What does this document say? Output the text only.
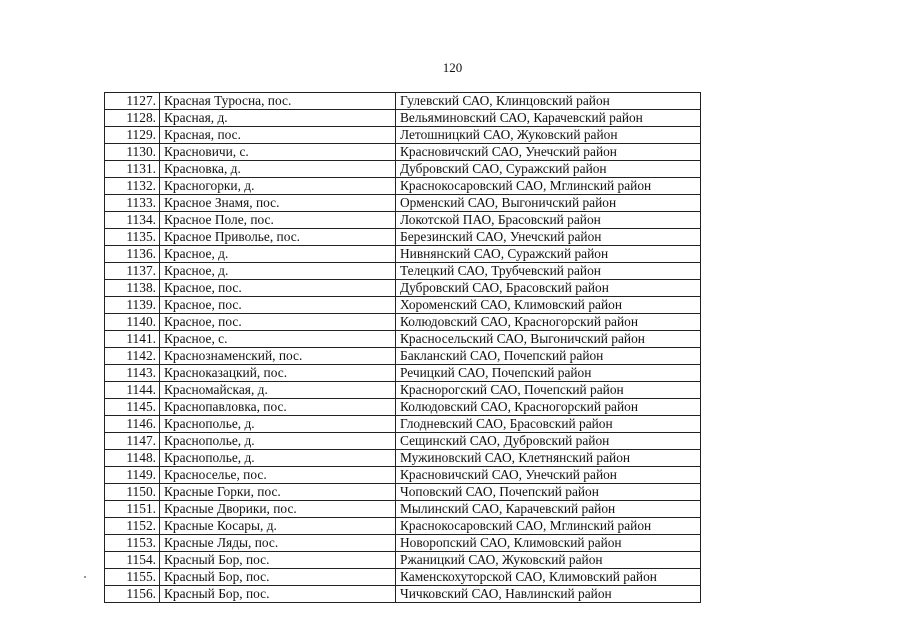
120
1127.	Красная Туросна, пос.	Гулевский САО, Клинцовский район
1128.	Красная, д.	Вельяминовский САО, Карачевский район
1129.	Красная, пос.	Летошницкий САО, Жуковский район
1130.	Красновичи, с.	Красновичский САО, Унечский район
1131.	Красновка, д.	Дубровский САО, Суражский район
1132.	Красногорки, д.	Краснокосаровский САО, Мглинский район
1133.	Красное Знамя, пос.	Орменский САО, Выгоничский район
1134.	Красное Поле, пос.	Локотской ПАО, Брасовский район
1135.	Красное Приволье, пос.	Березинский САО, Унечский район
1136.	Красное, д.	Нивнянский САО, Суражский район
1137.	Красное, д.	Телецкий САО, Трубчевский район
1138.	Красное, пос.	Дубровский САО, Брасовский район
1139.	Красное, пос.	Хороменский САО, Климовский район
1140.	Красное, пос.	Колюдовский САО, Красногорский район
1141.	Красное, с.	Красносельский САО, Выгоничский район
1142.	Краснознаменский, пос.	Бакланский САО, Почепский район
1143.	Красноказацкий, пос.	Речицкий САО, Почепский район
1144.	Красномайская, д.	Краснорогский САО, Почепский район
1145.	Краснопавловка, пос.	Колюдовский САО, Красногорский район
1146.	Краснополье, д.	Глодневский САО, Брасовский район
1147.	Краснополье, д.	Сещинский САО, Дубровский район
1148.	Краснополье, д.	Мужиновский САО, Клетнянский район
1149.	Красноселье, пос.	Красновичский САО, Унечский район
1150.	Красные Горки, пос.	Чоповский САО, Почепский район
1151.	Красные Дворики, пос.	Мылинский САО, Карачевский район
1152.	Красные Косары, д.	Краснокосаровский САО, Мглинский район
1153.	Красные Ляды, пос.	Новоропский САО, Климовский район
1154.	Красный Бор, пос.	Ржаницкий САО, Жуковский район
1155.	Красный Бор, пос.	Каменскохуторской САО, Климовский район
1156.	Красный Бор, пос.	Чичковский САО, Навлинский район
